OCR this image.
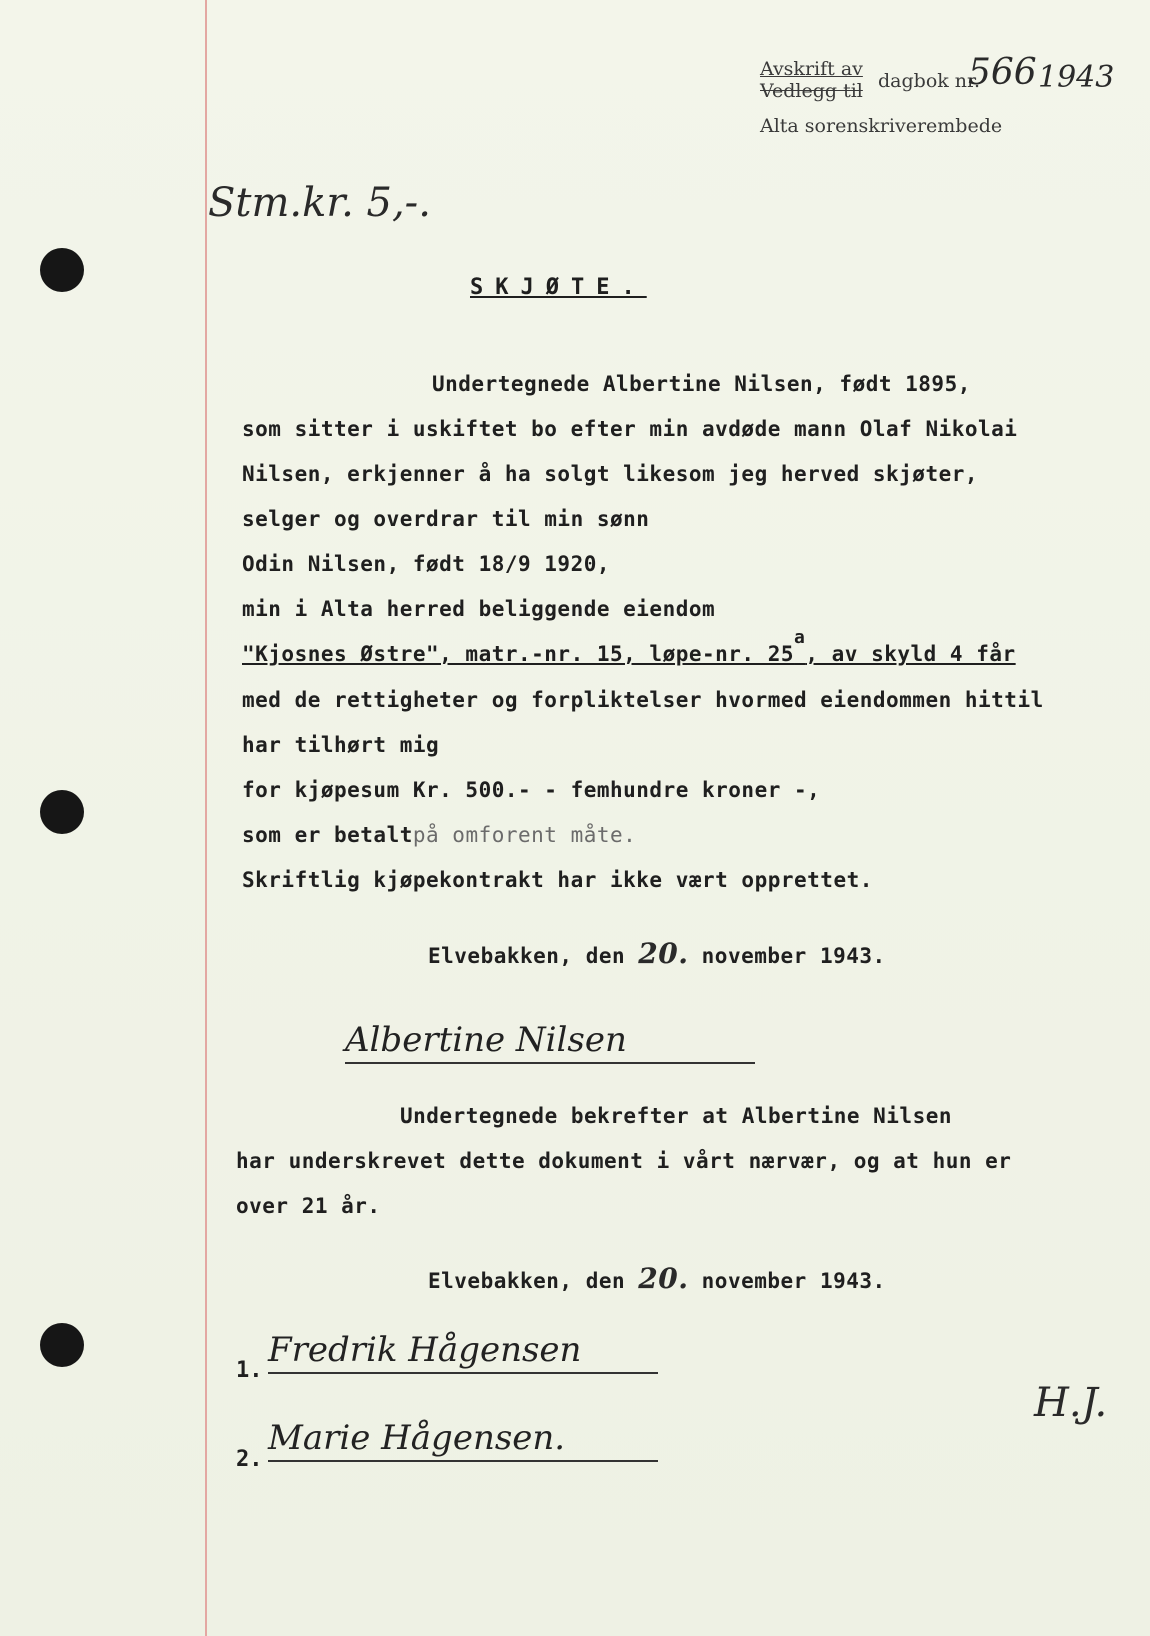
Avskrift av
Vedlegg til dagbok nr.
566 1943
Alta sorenskriverembede
Stm.kr. 5,-.
SKJØTE.
Undertegnede Albertine Nilsen, født 1895,
som sitter i uskiftet bo efter min avdøde mann Olaf Nikolai
Nilsen, erkjenner å ha solgt likesom jeg herved skjøter,
selger og overdrar til min sønn
Odin Nilsen, født 18/9 1920,
min i Alta herred beliggende eiendom
"Kjosnes Østre", matr.-nr. 15, løpe-nr. 25a, av skyld 4 får
med de rettigheter og forpliktelser hvormed eiendommen hittil
har tilhørt mig
for kjøpesum Kr. 500.- - femhundre kroner -,
som er betaltpå omforent måte.
Skriftlig kjøpekontrakt har ikke vært opprettet.
Elvebakken, den 20. november 1943.
Albertine Nilsen
Undertegnede bekrefter at Albertine Nilsen
har underskrevet dette dokument i vårt nærvær, og at hun er
over 21 år.
Elvebakken, den 20. november 1943.
1.
Fredrik Hågensen
2.
Marie Hågensen.
H.J.
